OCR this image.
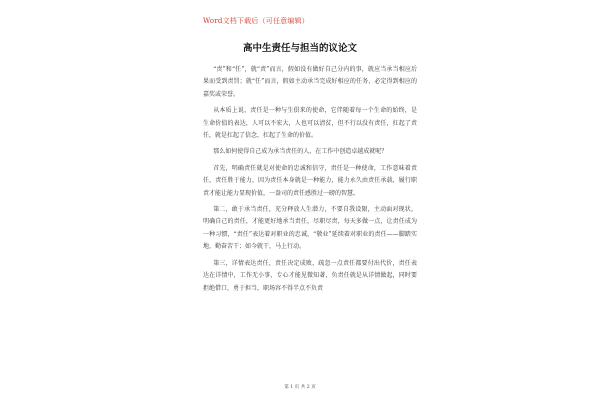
Word文档下载后（可任意编辑）
高中生责任与担当的议论文

“责”和“任”，就“责”而言，假如没有做好自己分内的事，就应当承当相应后果而受到责罚；就“任”而言，假如主动承当完成好相应的任务，必定得到相应的嘉奖或荣誉。

从本质上说，责任是一种与生俱来的使命，它伴随着每一个生命的始终，是生命价值的表达，人可以不宏大，人也可以清贫，但不行以没有责任，扛起了责任，就是扛起了信念，扛起了生命的价值。

那么如何使得自己成为承当责任的人，在工作中创造卓越成就呢？

首先，明确责任就是对使命的忠诚和信守，责任是一种使命，工作意味着责任，责任胜于能力，因为责任本身就是一种能力，能力永久由责任承载，履行职责才能让能力显现价值，一盎司的责任感胜过一磅的智慧。

第二，敢于承当责任，充分释放人生潜力，不要自我设限，主动面对现状，明确自己的责任，才能更好地承当责任，尽职尽责，每天多做一点，让责任成为一种习惯，“责任”表达着对职业的忠诚，“敬业”延续着对职业的责任——脚踏实地，勤奋苦干；如今就干，马上行动。

第三，详情表达责任，责任决定成败，疏忽一点责任都要付出代价，责任表达在详情中，工作无小事，专心才能见微知著，负责任就是从详情做起，同时要拒绝借口，勇于担当，职场容不得半点不负责

第 1 页 共 2 页
